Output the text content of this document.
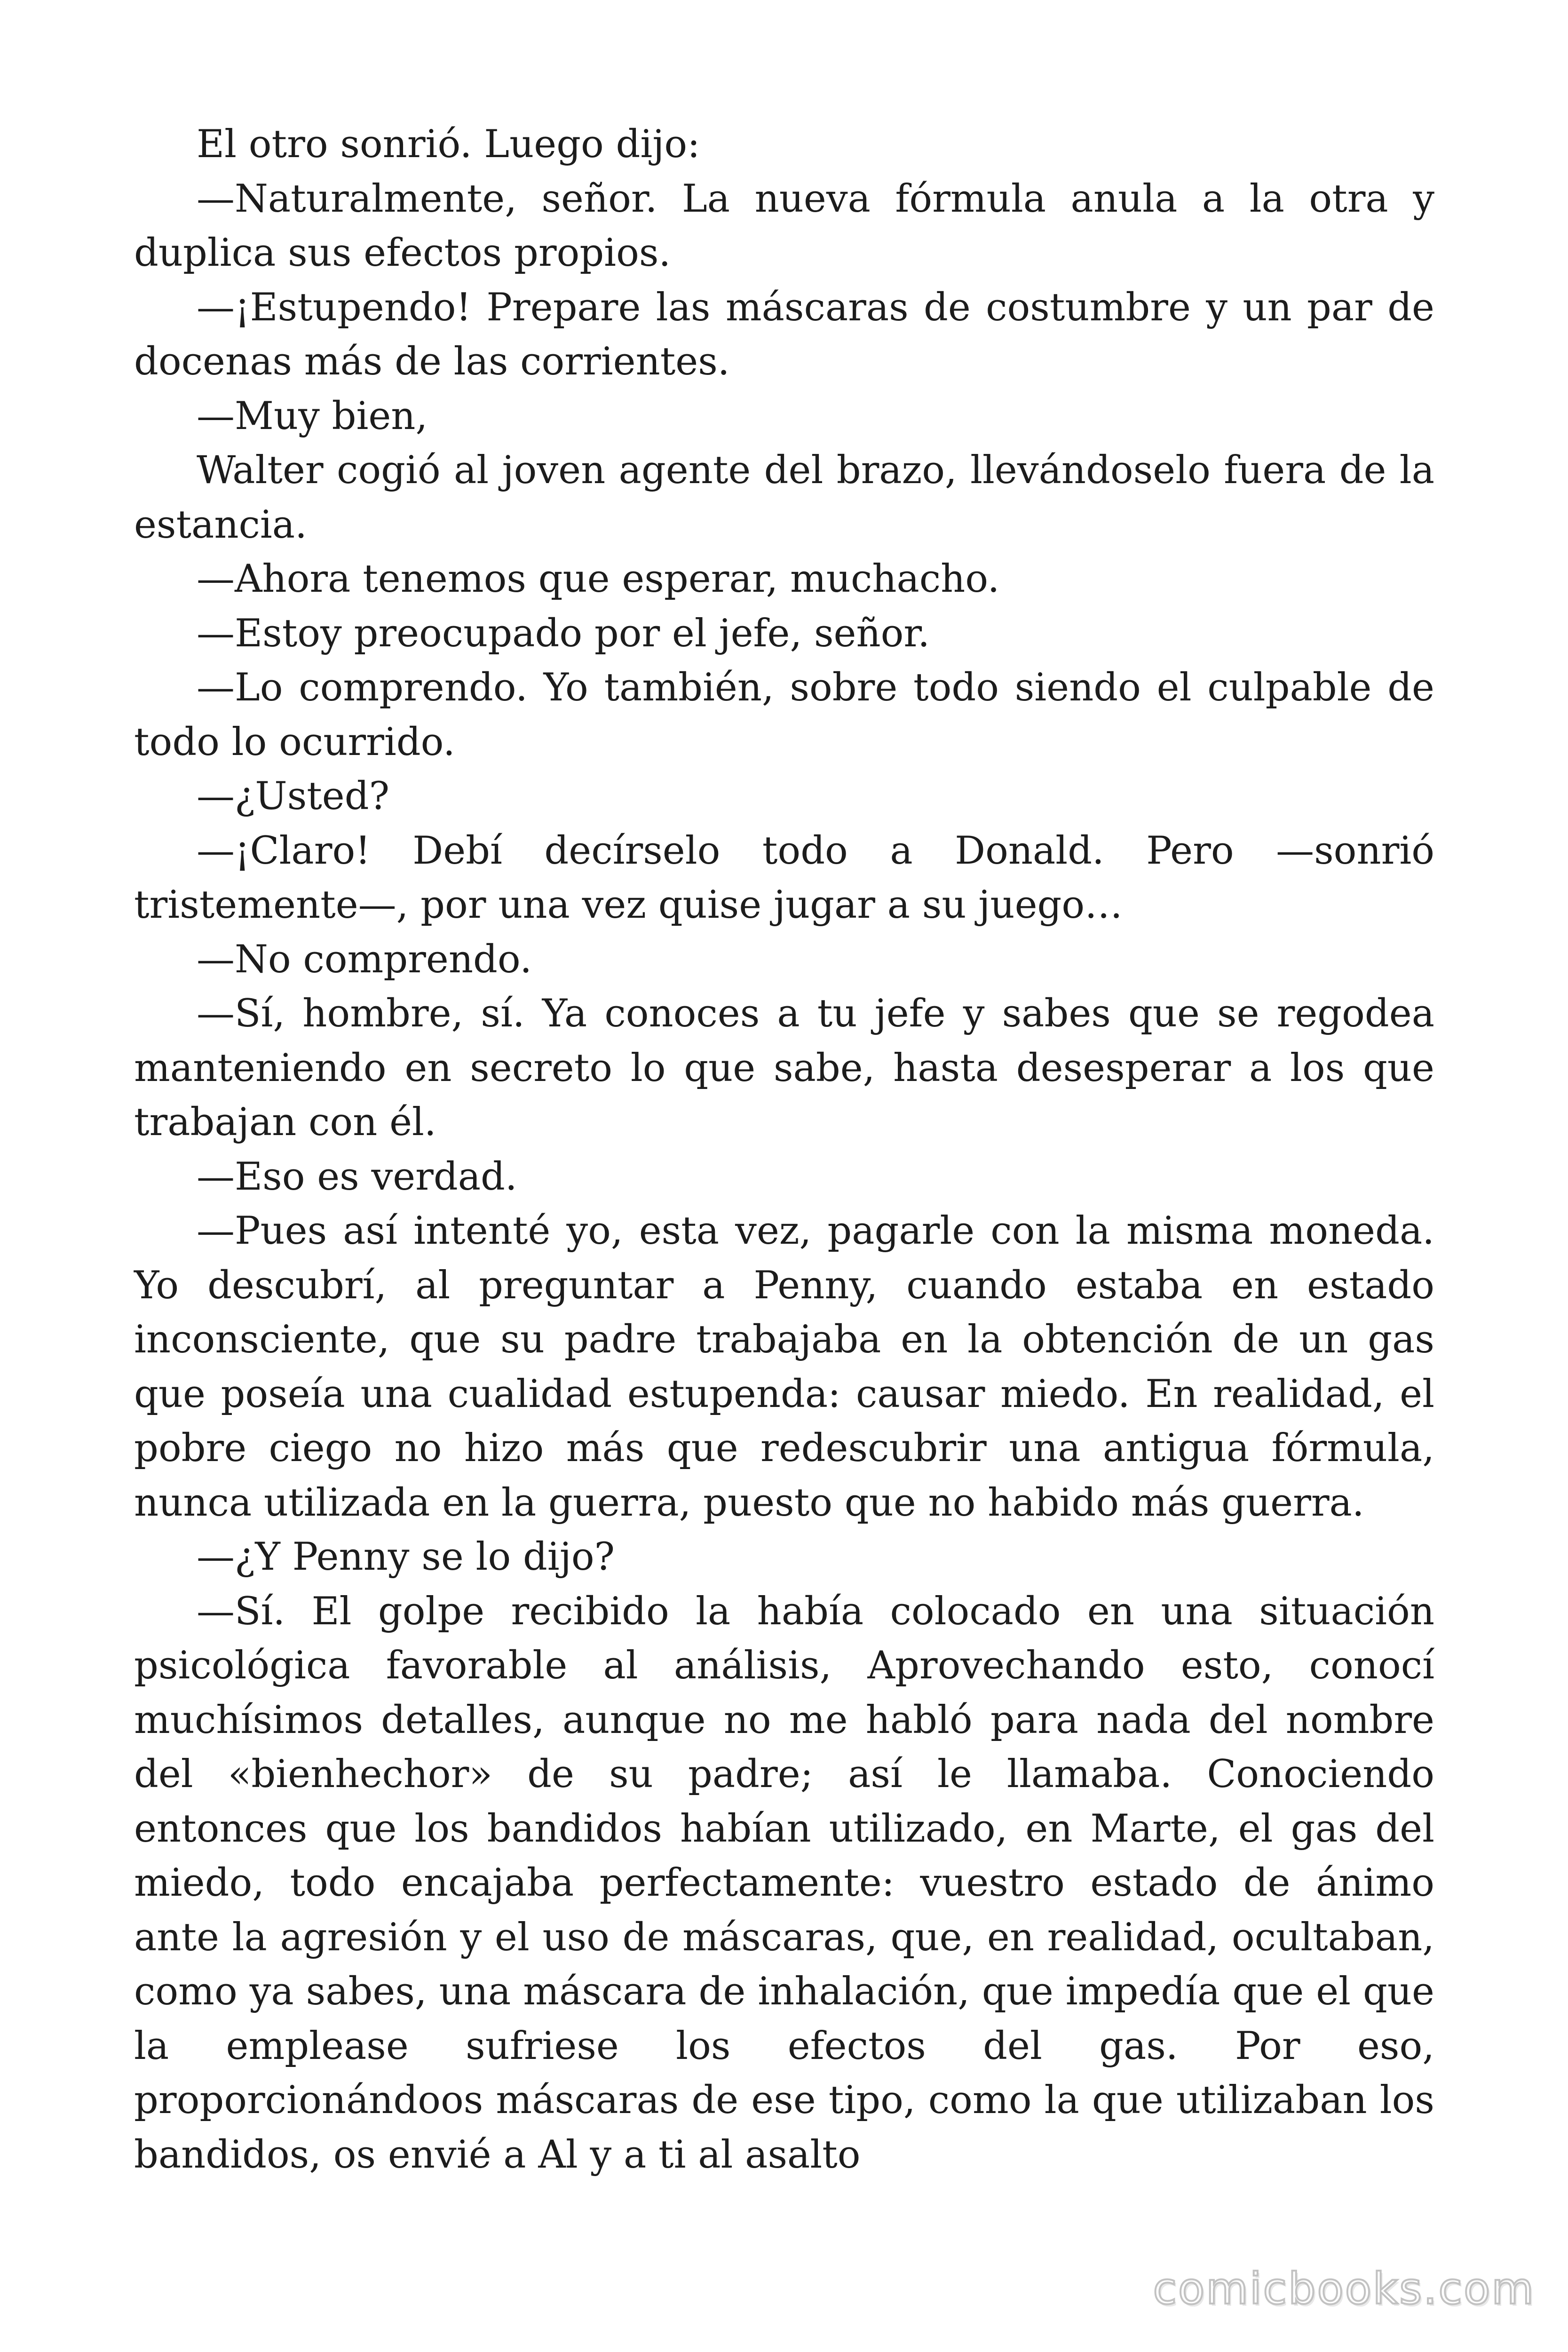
El otro sonrió. Luego dijo:

—Naturalmente, señor. La nueva fórmula anula a la otra y duplica sus efectos propios.

—¡Estupendo! Prepare las máscaras de costumbre y un par de docenas más de las corrientes.

—Muy bien,

Walter cogió al joven agente del brazo, llevándoselo fuera de la estancia.

—Ahora tenemos que esperar, muchacho.

—Estoy preocupado por el jefe, señor.

—Lo comprendo. Yo también, sobre todo siendo el culpable de todo lo ocurrido.

—¿Usted?

—¡Claro! Debí decírselo todo a Donald. Pero —sonrió tristemente—, por una vez quise jugar a su juego…

—No comprendo.

—Sí, hombre, sí. Ya conoces a tu jefe y sabes que se regodea manteniendo en secreto lo que sabe, hasta desesperar a los que trabajan con él.

—Eso es verdad.

—Pues así intenté yo, esta vez, pagarle con la misma moneda. Yo descubrí, al preguntar a Penny, cuando estaba en estado inconsciente, que su padre trabajaba en la obtención de un gas que poseía una cualidad estupenda: causar miedo. En realidad, el pobre ciego no hizo más que redescubrir una antigua fórmula, nunca utilizada en la guerra, puesto que no habido más guerra.

—¿Y Penny se lo dijo?

—Sí. El golpe recibido la había colocado en una situación psicológica favorable al análisis, Aprovechando esto, conocí muchísimos detalles, aunque no me habló para nada del nombre del «bienhechor» de su padre; así le llamaba. Conociendo entonces que los bandidos habían utilizado, en Marte, el gas del miedo, todo encajaba perfectamente: vuestro estado de ánimo ante la agresión y el uso de máscaras, que, en realidad, ocultaban, como ya sabes, una máscara de inhalación, que impedía que el que la emplease sufriese los efectos del gas. Por eso, proporcionándoos máscaras de ese tipo, como la que utilizaban los bandidos, os envié a Al y a ti al asalto

comicbooks.com
